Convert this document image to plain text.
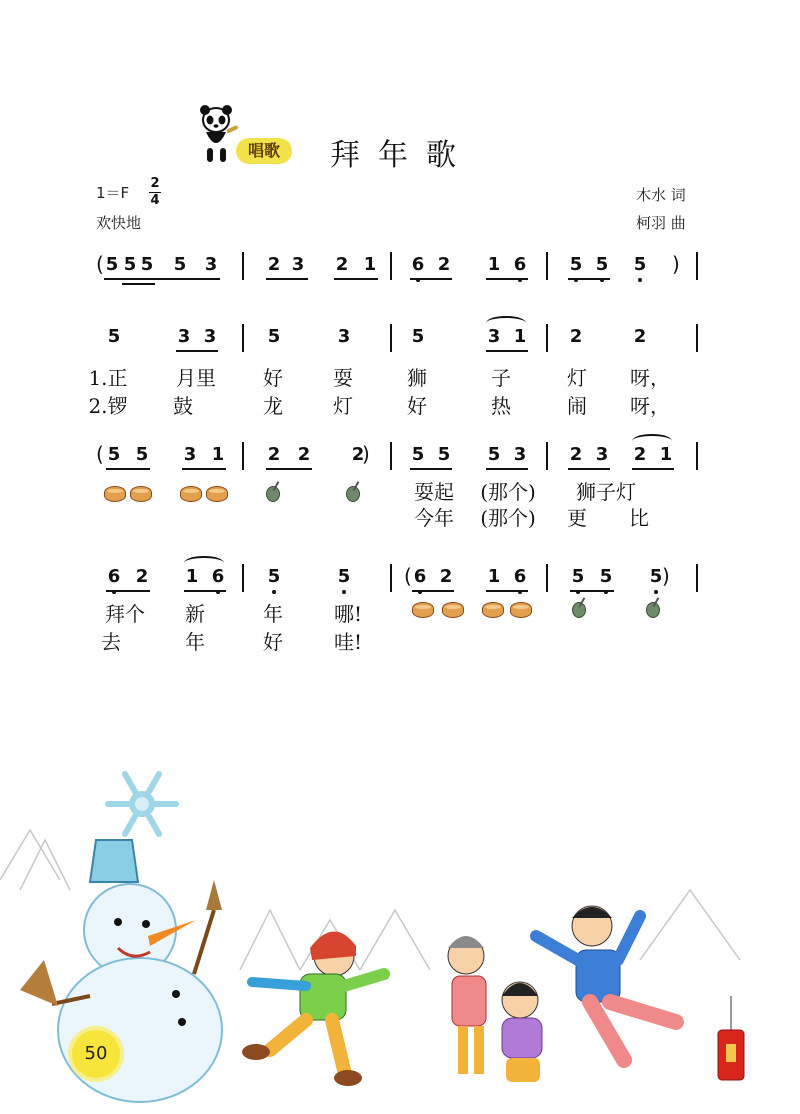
唱歌	拜年歌
1＝F
2
4
欢快地
木水 词
柯羽 曲
( 5 5 5 5 3	2 3 2 1 6 2 1 6 5 5 5 )
5	3 3	5	3	5	3 1 2	2
1.正 月里 好	耍	狮	子	灯 呀，
2.锣 鼓	龙	灯	好	热	闹 呀，
( 5 5 3 1 2 2 2
) 5 5 5 3 2 3 2 1
耍起	(那个)	狮子灯
今年	(那个)	更 比
6 2 1 6 5	5	( 6 2 1 6	5 5 5 )
拜个 新	年	哪!
去	年	好	哇!
50
